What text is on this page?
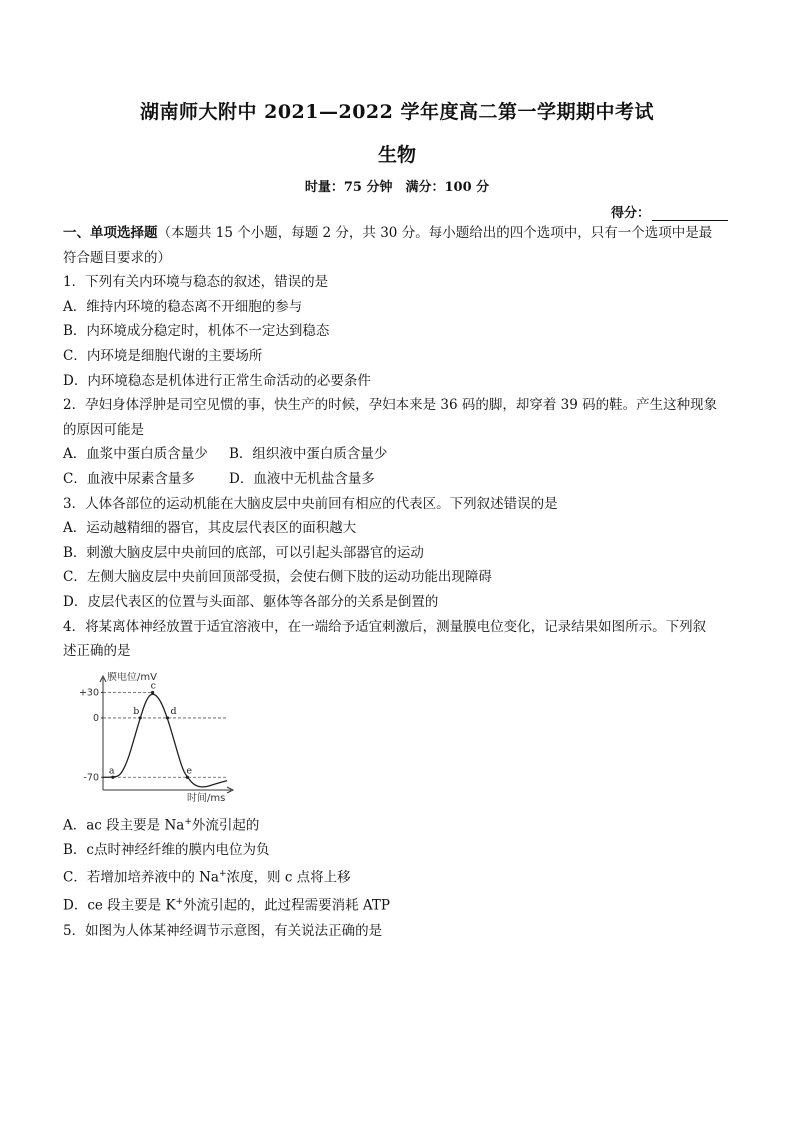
湖南师大附中 2021—2022 学年度高二第一学期期中考试
生物
时量：75 分钟　满分：100 分
得分：
一、单项选择题（本题共 15 个小题，每题 2 分，共 30 分。每小题给出的四个选项中，只有一个选项中是最
符合题目要求的）
1．下列有关内环境与稳态的叙述，错误的是
A．维持内环境的稳态离不开细胞的参与
B．内环境成分稳定时，机体不一定达到稳态
C．内环境是细胞代谢的主要场所
D．内环境稳态是机体进行正常生命活动的必要条件
2．孕妇身体浮肿是司空见惯的事，快生产的时候，孕妇本来是 36 码的脚，却穿着 39 码的鞋。产生这种现象
的原因可能是
A．血浆中蛋白质含量少 B．组织液中蛋白质含量少
C．血液中尿素含量多	D．血液中无机盐含量多
3．人体各部位的运动机能在大脑皮层中央前回有相应的代表区。下列叙述错误的是
A．运动越精细的器官，其皮层代表区的面积越大
B．刺激大脑皮层中央前回的底部，可以引起头部器官的运动
C．左侧大脑皮层中央前回顶部受损，会使右侧下肢的运动功能出现障碍
D．皮层代表区的位置与头面部、躯体等各部分的关系是倒置的
4．将某离体神经放置于适宜溶液中，在一端给予适宜刺激后，测量膜电位变化，记录结果如图所示。下列叙
述正确的是
膜电位/mV
时间/ms
+30
0
-70
a
b
c
d
e
A．ac 段主要是 Na+外流引起的
B．c点时神经纤维的膜内电位为负
C．若增加培养液中的 Na+浓度，则 c 点将上移
D．ce 段主要是 K+外流引起的，此过程需要消耗 ATP
5．如图为人体某神经调节示意图，有关说法正确的是
